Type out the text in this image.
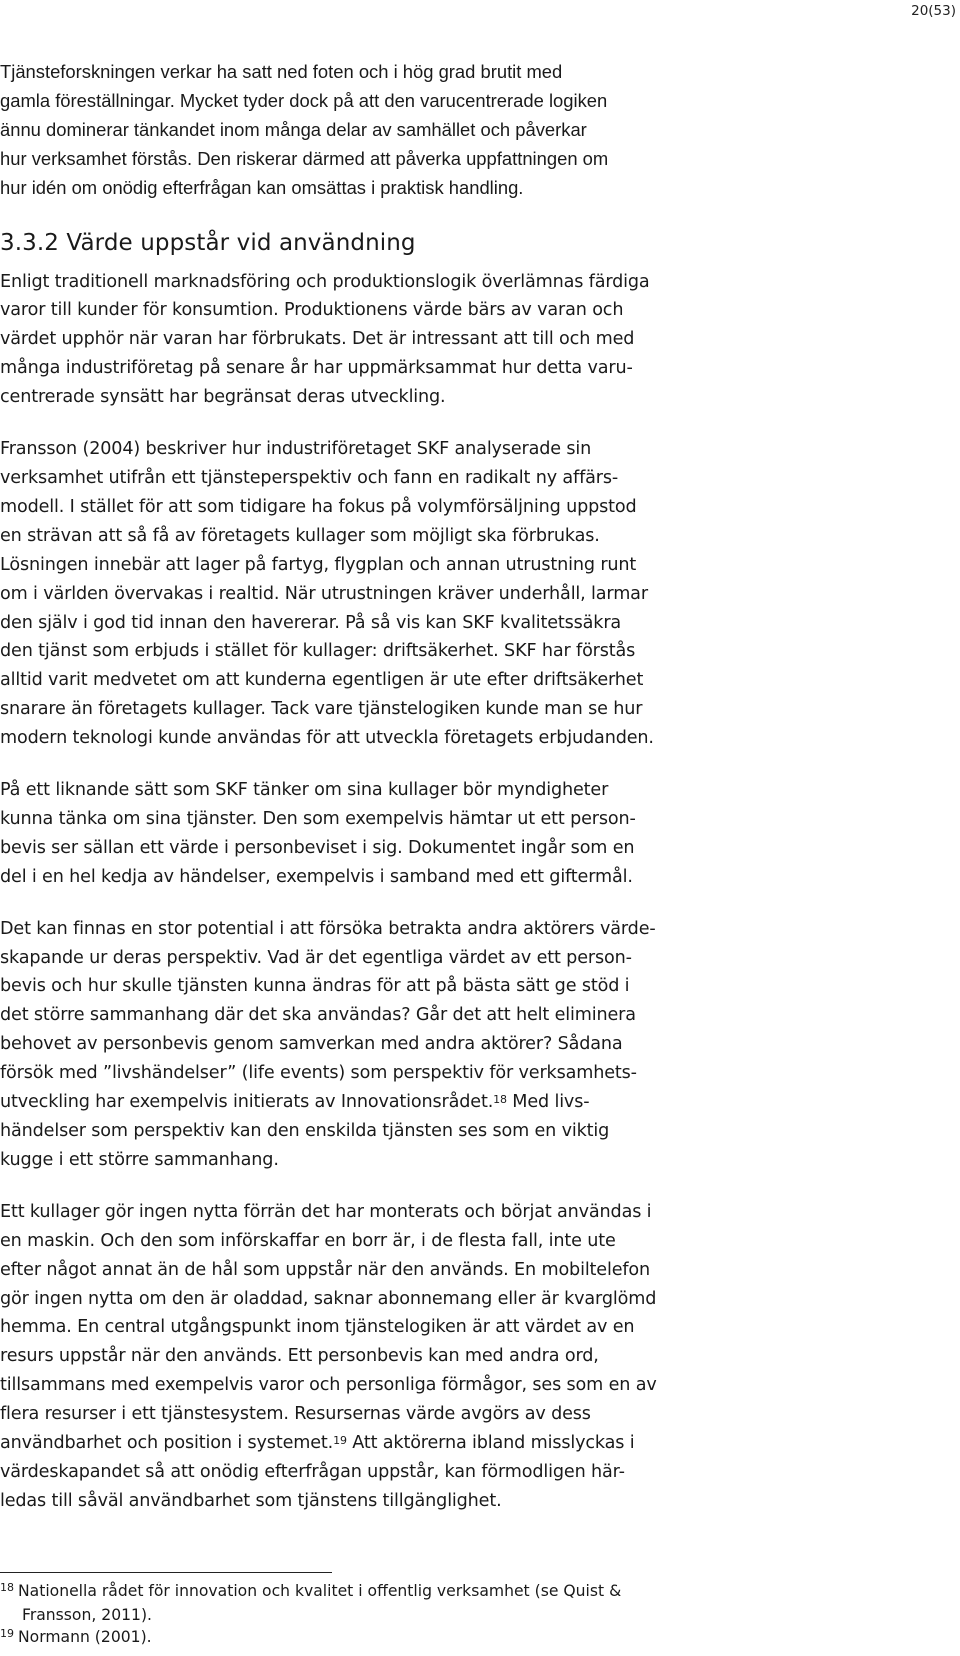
20(53)

Tjänsteforskningen verkar ha satt ned foten och i hög grad brutit med
gamla föreställningar. Mycket tyder dock på att den varucentrerade logiken
ännu dominerar tänkandet inom många delar av samhället och påverkar
hur verksamhet förstås. Den riskerar därmed att påverka uppfattningen om
hur idén om onödig efterfrågan kan omsättas i praktisk handling.

3.3.2 Värde uppstår vid användning

Enligt traditionell marknadsföring och produktionslogik överlämnas färdiga
varor till kunder för konsumtion. Produktionens värde bärs av varan och
värdet upphör när varan har förbrukats. Det är intressant att till och med
många industriföretag på senare år har uppmärksammat hur detta varu-
centrerade synsätt har begränsat deras utveckling.

Fransson (2004) beskriver hur industriföretaget SKF analyserade sin
verksamhet utifrån ett tjänsteperspektiv och fann en radikalt ny affärs-
modell. I stället för att som tidigare ha fokus på volymförsäljning uppstod
en strävan att så få av företagets kullager som möjligt ska förbrukas.
Lösningen innebär att lager på fartyg, flygplan och annan utrustning runt
om i världen övervakas i realtid. När utrustningen kräver underhåll, larmar
den själv i god tid innan den havererar. På så vis kan SKF kvalitetssäkra
den tjänst som erbjuds i stället för kullager: driftsäkerhet. SKF har förstås
alltid varit medvetet om att kunderna egentligen är ute efter driftsäkerhet
snarare än företagets kullager. Tack vare tjänstelogiken kunde man se hur
modern teknologi kunde användas för att utveckla företagets erbjudanden.

På ett liknande sätt som SKF tänker om sina kullager bör myndigheter
kunna tänka om sina tjänster. Den som exempelvis hämtar ut ett person-
bevis ser sällan ett värde i personbeviset i sig. Dokumentet ingår som en
del i en hel kedja av händelser, exempelvis i samband med ett giftermål.

Det kan finnas en stor potential i att försöka betrakta andra aktörers värde-
skapande ur deras perspektiv. Vad är det egentliga värdet av ett person-
bevis och hur skulle tjänsten kunna ändras för att på bästa sätt ge stöd i
det större sammanhang där det ska användas? Går det att helt eliminera
behovet av personbevis genom samverkan med andra aktörer? Sådana
försök med ”livshändelser” (life events) som perspektiv för verksamhets-
utveckling har exempelvis initierats av Innovationsrådet.$^{18}$ Med livs-
händelser som perspektiv kan den enskilda tjänsten ses som en viktig
kugge i ett större sammanhang.

Ett kullager gör ingen nytta förrän det har monterats och börjat användas i
en maskin. Och den som införskaffar en borr är, i de flesta fall, inte ute
efter något annat än de hål som uppstår när den används. En mobiltelefon
gör ingen nytta om den är oladdad, saknar abonnemang eller är kvarglömd
hemma. En central utgångspunkt inom tjänstelogiken är att värdet av en
resurs uppstår när den används. Ett personbevis kan med andra ord,
tillsammans med exempelvis varor och personliga förmågor, ses som en av
flera resurser i ett tjänstesystem. Resursernas värde avgörs av dess
användbarhet och position i systemet.$^{19}$ Att aktörerna ibland misslyckas i
värdeskapandet så att onödig efterfrågan uppstår, kan förmodligen här-
ledas till såväl användbarhet som tjänstens tillgänglighet.

$^{18}$ Nationella rådet för innovation och kvalitet i offentlig verksamhet (se Quist &
Fransson, 2011).
$^{19}$ Normann (2001).
